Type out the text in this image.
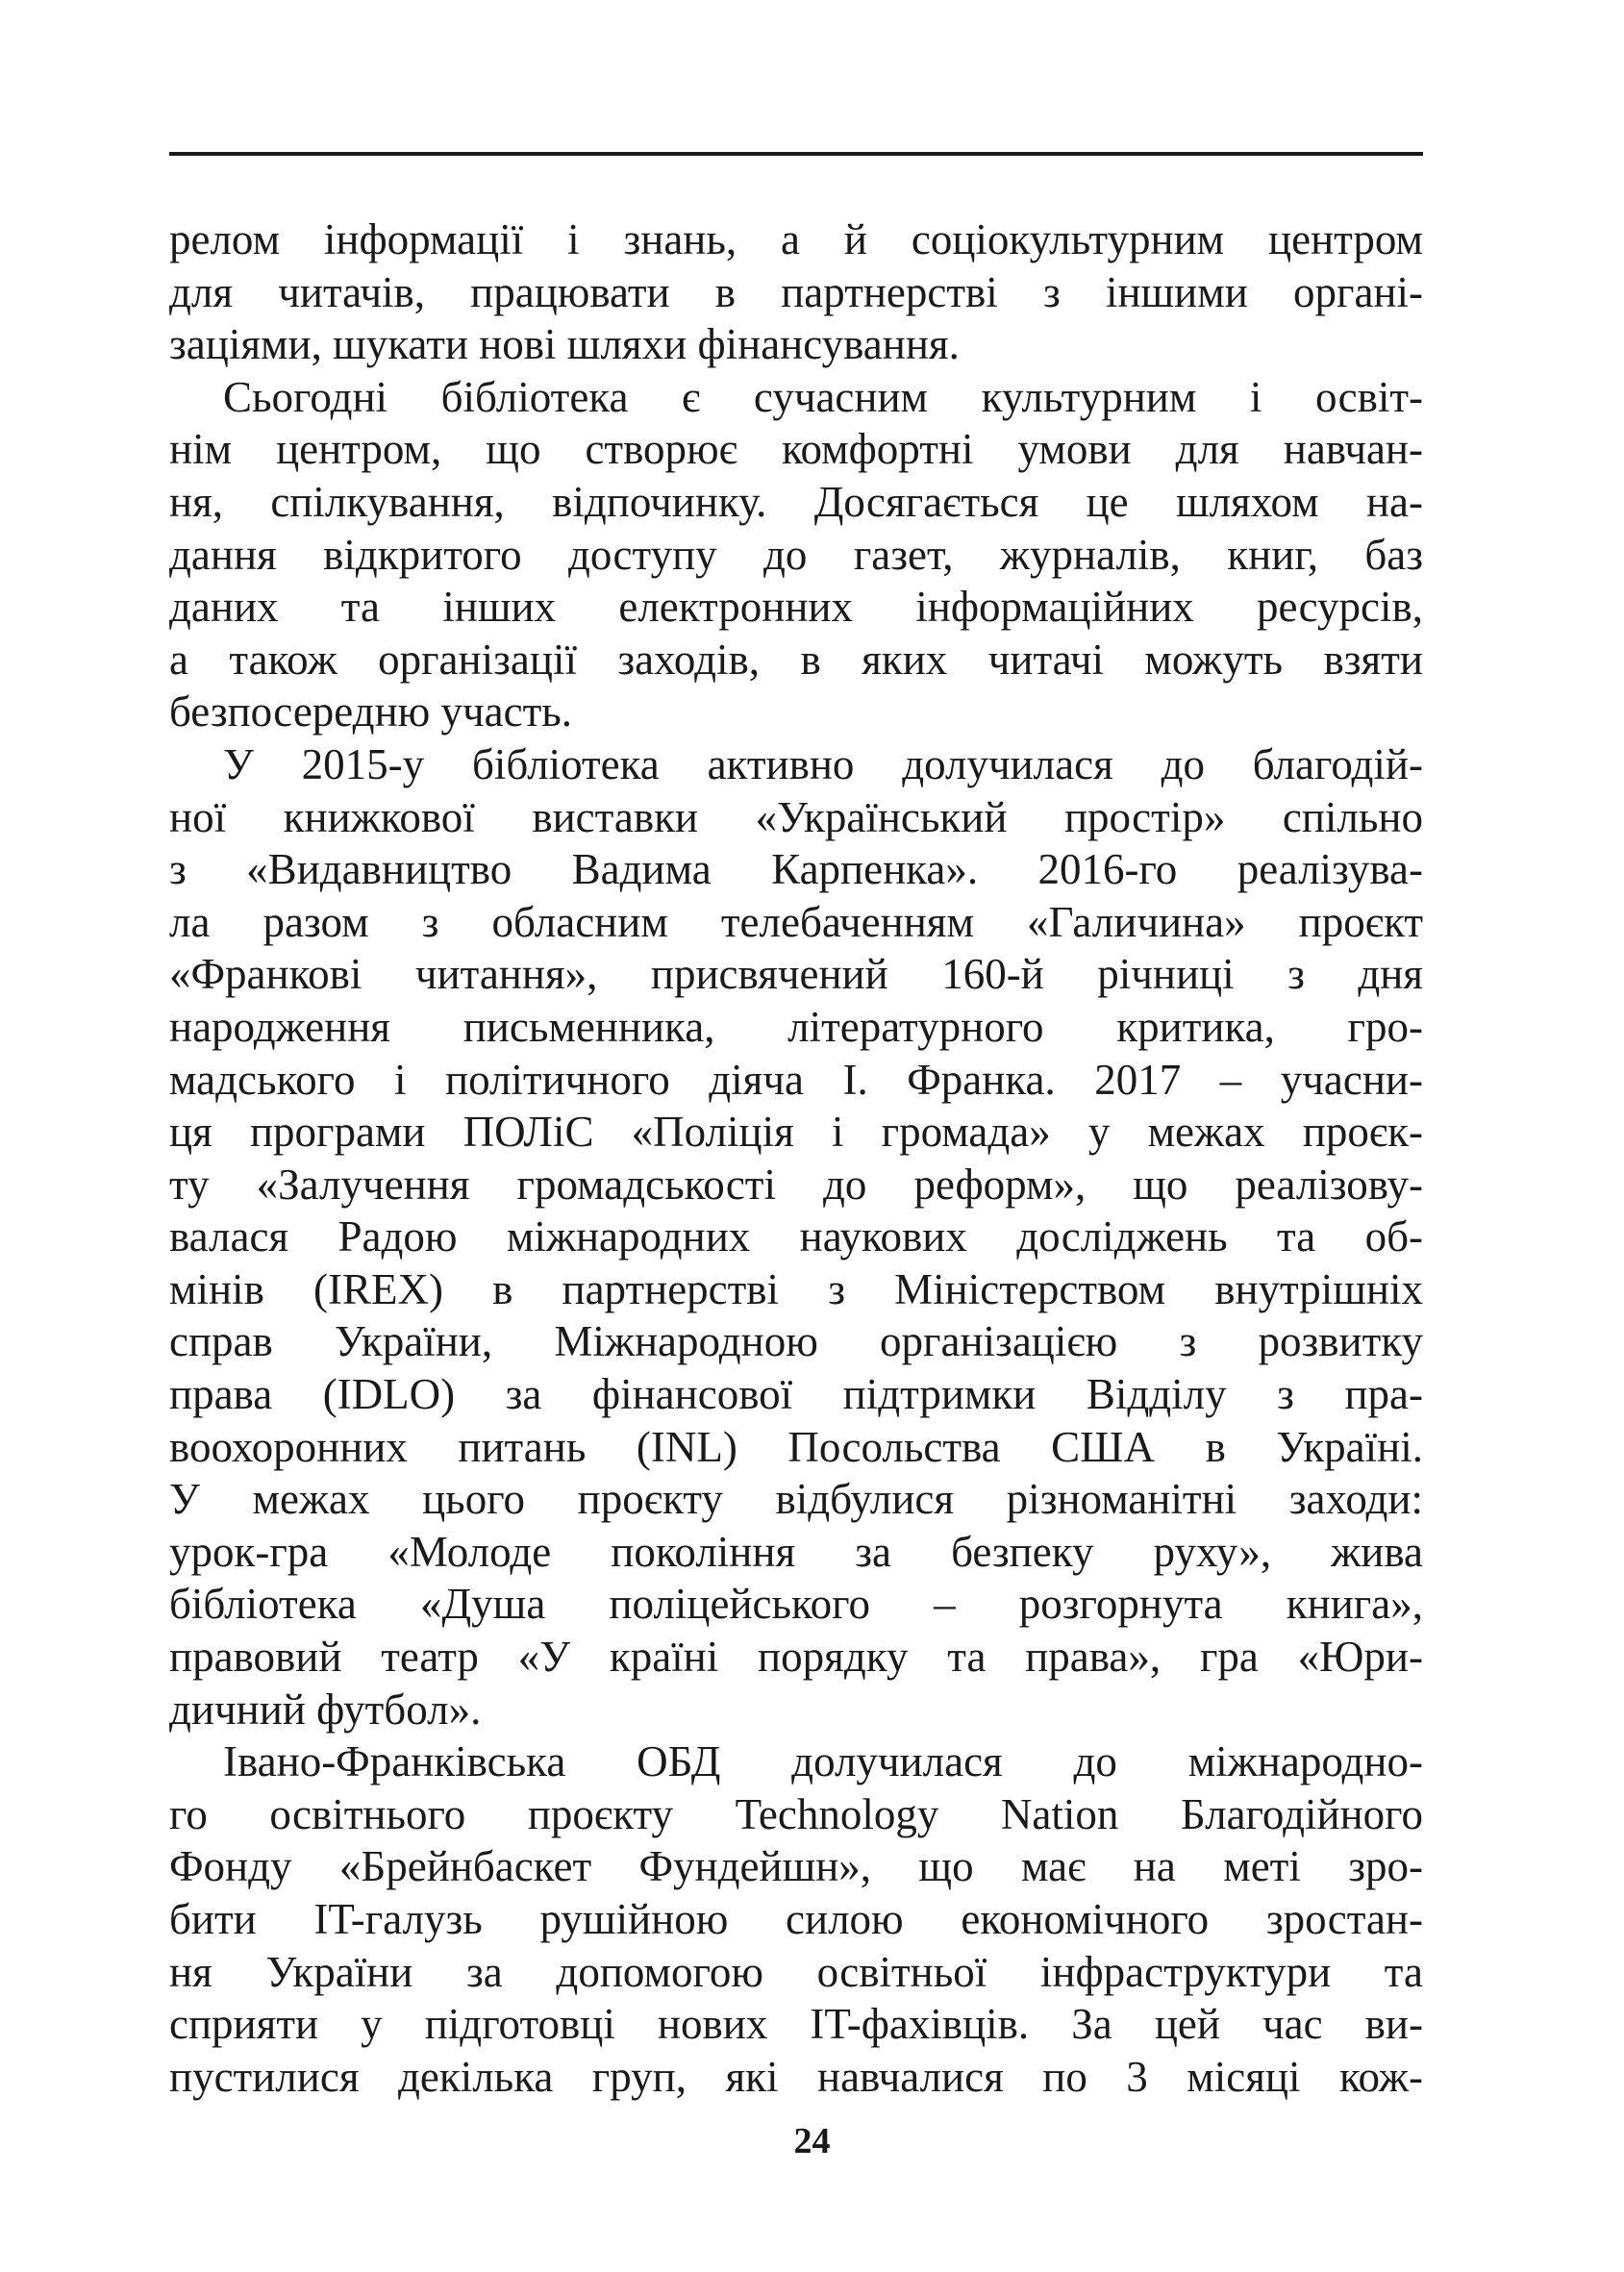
релом інформації і знань, а й соціокультурним центром
для читачів, працювати в партнерстві з іншими органі-
заціями, шукати нові шляхи фінансування.
Сьогодні бібліотека є сучасним культурним і освіт-
нім центром, що створює комфортні умови для навчан-
ня, спілкування, відпочинку. Досягається це шляхом на-
дання відкритого доступу до газет, журналів, книг, баз
даних та інших електронних інформаційних ресурсів,
а також організації заходів, в яких читачі можуть взяти
безпосередню участь.
У 2015-у бібліотека активно долучилася до благодій-
ної книжкової виставки «Український простір» спільно
з «Видавництво Вадима Карпенка». 2016-го реалізува-
ла разом з обласним телебаченням «Галичина» проєкт
«Франкові читання», присвячений 160-й річниці з дня
народження письменника, літературного критика, гро-
мадського і політичного діяча І. Франка. 2017 – учасни-
ця програми ПОЛіС «Поліція і громада» у межах проєк-
ту «Залучення громадськості до реформ», що реалізову-
валася Радою міжнародних наукових досліджень та об-
мінів (IREX) в партнерстві з Міністерством внутрішніх
справ України, Міжнародною організацією з розвитку
права (IDLO) за фінансової підтримки Відділу з пра-
воохоронних питань (INL) Посольства США в Україні.
У межах цього проєкту відбулися різноманітні заходи:
урок-гра «Молоде покоління за безпеку руху», жива
бібліотека «Душа поліцейського – розгорнута книга»,
правовий театр «У країні порядку та права», гра «Юри-
дичний футбол».
Івано-Франківська ОБД долучилася до міжнародно-
го освітнього проєкту Technology Nation Благодійного
Фонду «Брейнбаскет Фундейшн», що має на меті зро-
бити IT-галузь рушійною силою економічного зростан-
ня України за допомогою освітньої інфраструктури та
сприяти у підготовці нових IT-фахівців. За цей час ви-
пустилися декілька груп, які навчалися по 3 місяці кож-
24
